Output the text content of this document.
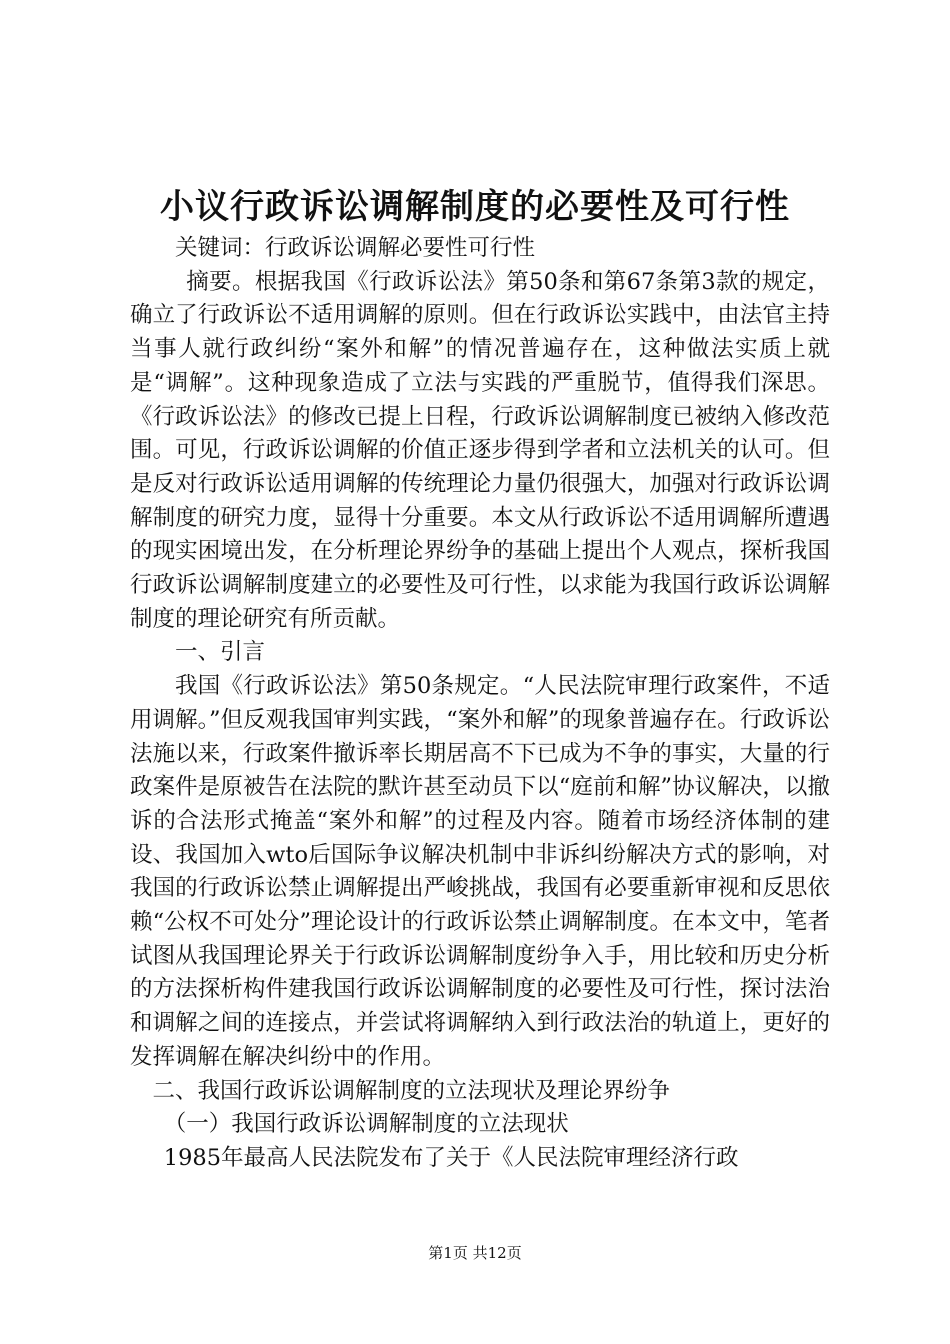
小议行政诉讼调解制度的必要性及可行性

关键词：行政诉讼调解必要性可行性

摘要。根据我国《行政诉讼法》第50条和第67条第3款的规定，确立了行政诉讼不适用调解的原则。但在行政诉讼实践中，由法官主持当事人就行政纠纷“案外和解”的情况普遍存在，这种做法实质上就是“调解”。这种现象造成了立法与实践的严重脱节，值得我们深思。《行政诉讼法》的修改已提上日程，行政诉讼调解制度已被纳入修改范围。可见，行政诉讼调解的价值正逐步得到学者和立法机关的认可。但是反对行政诉讼适用调解的传统理论力量仍很强大，加强对行政诉讼调解制度的研究力度，显得十分重要。本文从行政诉讼不适用调解所遭遇的现实困境出发，在分析理论界纷争的基础上提出个人观点，探析我国行政诉讼调解制度建立的必要性及可行性，以求能为我国行政诉讼调解制度的理论研究有所贡献。

一、引言

我国《行政诉讼法》第50条规定。“人民法院审理行政案件，不适用调解。”但反观我国审判实践，“案外和解”的现象普遍存在。行政诉讼法施以来，行政案件撤诉率长期居高不下已成为不争的事实，大量的行政案件是原被告在法院的默许甚至动员下以“庭前和解”协议解决，以撤诉的合法形式掩盖“案外和解”的过程及内容。随着市场经济体制的建设、我国加入wto后国际争议解决机制中非诉纠纷解决方式的影响，对我国的行政诉讼禁止调解提出严峻挑战，我国有必要重新审视和反思依赖“公权不可处分”理论设计的行政诉讼禁止调解制度。在本文中，笔者试图从我国理论界关于行政诉讼调解制度纷争入手，用比较和历史分析的方法探析构件建我国行政诉讼调解制度的必要性及可行性，探讨法治和调解之间的连接点，并尝试将调解纳入到行政法治的轨道上，更好的发挥调解在解决纠纷中的作用。

二、我国行政诉讼调解制度的立法现状及理论界纷争

（一）我国行政诉讼调解制度的立法现状

1985年最高人民法院发布了关于《人民法院审理经济行政

第1页 共12页
